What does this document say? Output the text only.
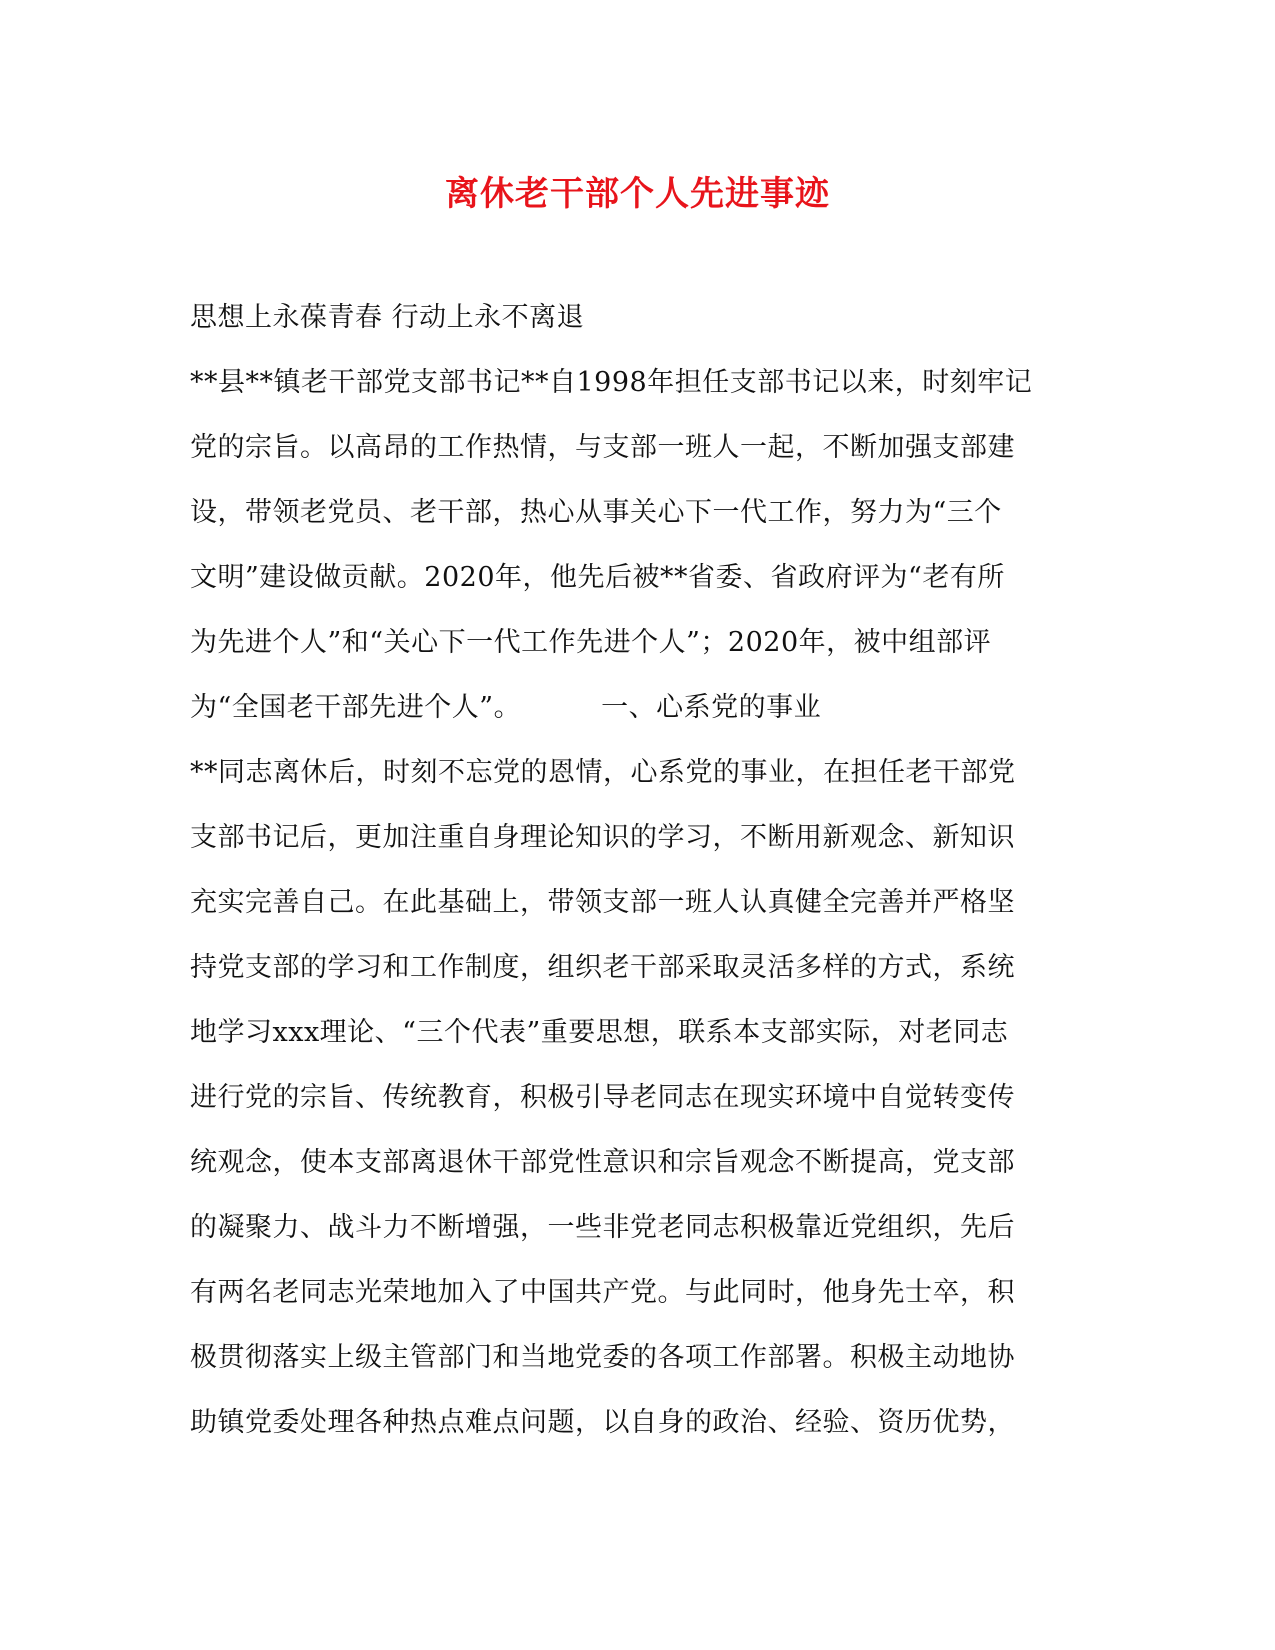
离休老干部个人先进事迹
思想上永葆青春 行动上永不离退
**县**镇老干部党支部书记**自1998年担任支部书记以来，时刻牢记
党的宗旨。以高昂的工作热情，与支部一班人一起，不断加强支部建
设，带领老党员、老干部，热心从事关心下一代工作，努力为“三个
文明”建设做贡献。2020年，他先后被**省委、省政府评为“老有所
为先进个人”和“关心下一代工作先进个人”；2020年，被中组部评
为“全国老干部先进个人”。	一、心系党的事业
**同志离休后，时刻不忘党的恩情，心系党的事业，在担任老干部党
支部书记后，更加注重自身理论知识的学习，不断用新观念、新知识
充实完善自己。在此基础上，带领支部一班人认真健全完善并严格坚
持党支部的学习和工作制度，组织老干部采取灵活多样的方式，系统
地学习xxx理论、“三个代表”重要思想，联系本支部实际，对老同志
进行党的宗旨、传统教育，积极引导老同志在现实环境中自觉转变传
统观念，使本支部离退休干部党性意识和宗旨观念不断提高，党支部
的凝聚力、战斗力不断增强，一些非党老同志积极靠近党组织，先后
有两名老同志光荣地加入了中国共产党。与此同时，他身先士卒，积
极贯彻落实上级主管部门和当地党委的各项工作部署。积极主动地协
助镇党委处理各种热点难点问题，以自身的政治、经验、资历优势，
